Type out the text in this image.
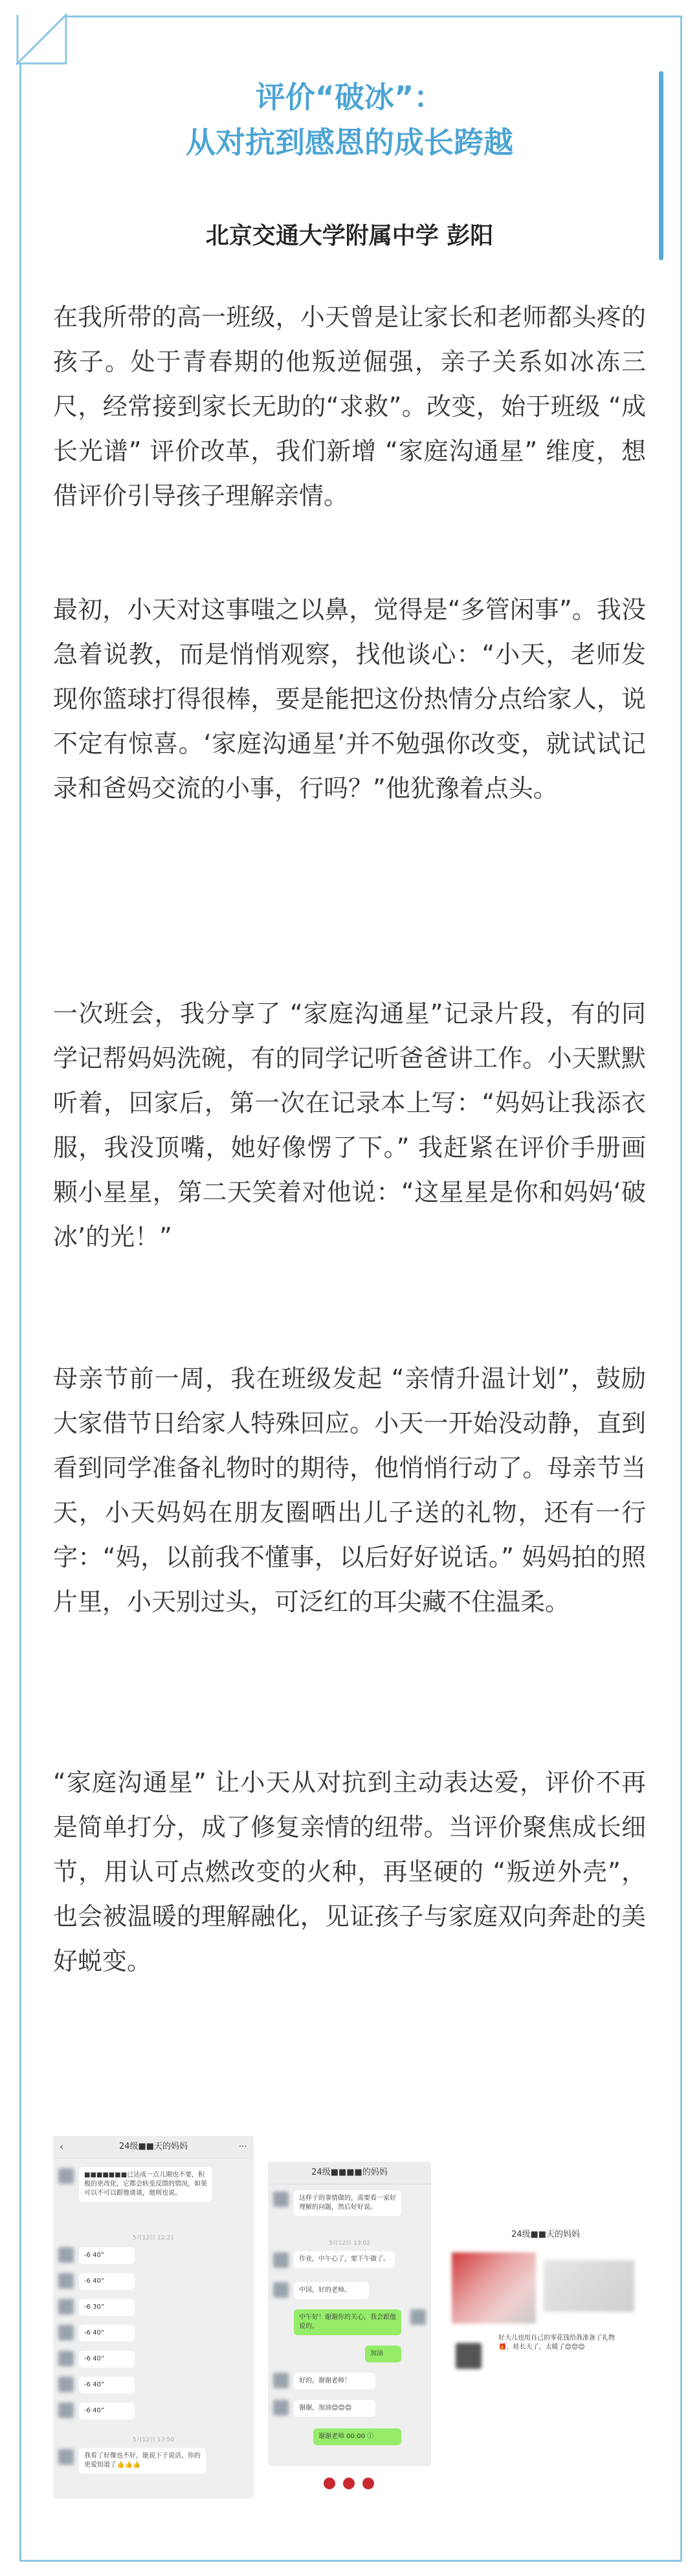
评价“破冰”：
从对抗到感恩的成长跨越
北京交通大学附属中学 彭阳

在我所带的高一班级，小天曾是让家长和老师都头疼的孩子。处于青春期的他叛逆倔强，亲子关系如冰冻三尺，经常接到家长无助的“求救”。改变，始于班级 “成长光谱” 评价改革，我们新增 “家庭沟通星” 维度，想借评价引导孩子理解亲情。

最初，小天对这事嗤之以鼻，觉得是“多管闲事”。我没急着说教，而是悄悄观察，找他谈心：“小天，老师发现你篮球打得很棒，要是能把这份热情分点给家人，说不定有惊喜。‘家庭沟通星’并不勉强你改变，就试试记录和爸妈交流的小事，行吗？”他犹豫着点头。

一次班会，我分享了 “家庭沟通星”记录片段，有的同学记帮妈妈洗碗，有的同学记听爸爸讲工作。小天默默听着，回家后，第一次在记录本上写：“妈妈让我添衣服，我没顶嘴，她好像愣了下。” 我赶紧在评价手册画颗小星星，第二天笑着对他说：“这星星是你和妈妈‘破冰’的光！”

母亲节前一周，我在班级发起 “亲情升温计划”，鼓励大家借节日给家人特殊回应。小天一开始没动静，直到看到同学准备礼物时的期待，他悄悄行动了。母亲节当天，小天妈妈在朋友圈晒出儿子送的礼物，还有一行字：“妈，以前我不懂事，以后好好说话。” 妈妈拍的照片里，小天别过头，可泛红的耳尖藏不住温柔。

“家庭沟通星” 让小天从对抗到主动表达爱，评价不再是简单打分，成了修复亲情的纽带。当评价聚焦成长细节，用认可点燃改变的火种，再坚硬的 “叛逆外壳”，也会被温暖的理解融化，见证孩子与家庭双向奔赴的美好蜕变。

‹	24级■■天的妈妈	···
■■■■■■■已达成一点儿期也不要，积极的更改化，它都会转变反馈的情况，如果可以不可以跟他谈谈，他则也说。
5月12日 12:21
-6 40”
-6 40”
-6 30”
-6 40”
-6 40”
-6 40”
-6 40”
5月12日 17:50
我看了好像也不好，能说下子说话，你的更爱知道了👍👍👍
24级■■■■的妈妈
这样子的事情做的，需要看一家好理解的问题，然后好好说。
5月12日 13:02
作业，中午心了，要下午做了。
中国，好的老师。
中午好！谢谢你的关心，我会跟他说的。
加油
好的，谢谢老师！
谢谢，加油😊😊😊
谢谢老师 00:00 ⓘ
24级■■天的妈妈
好大儿也用自己的零花钱给我准备了礼物🎁，娃长大了，太暖了😊😊😊
